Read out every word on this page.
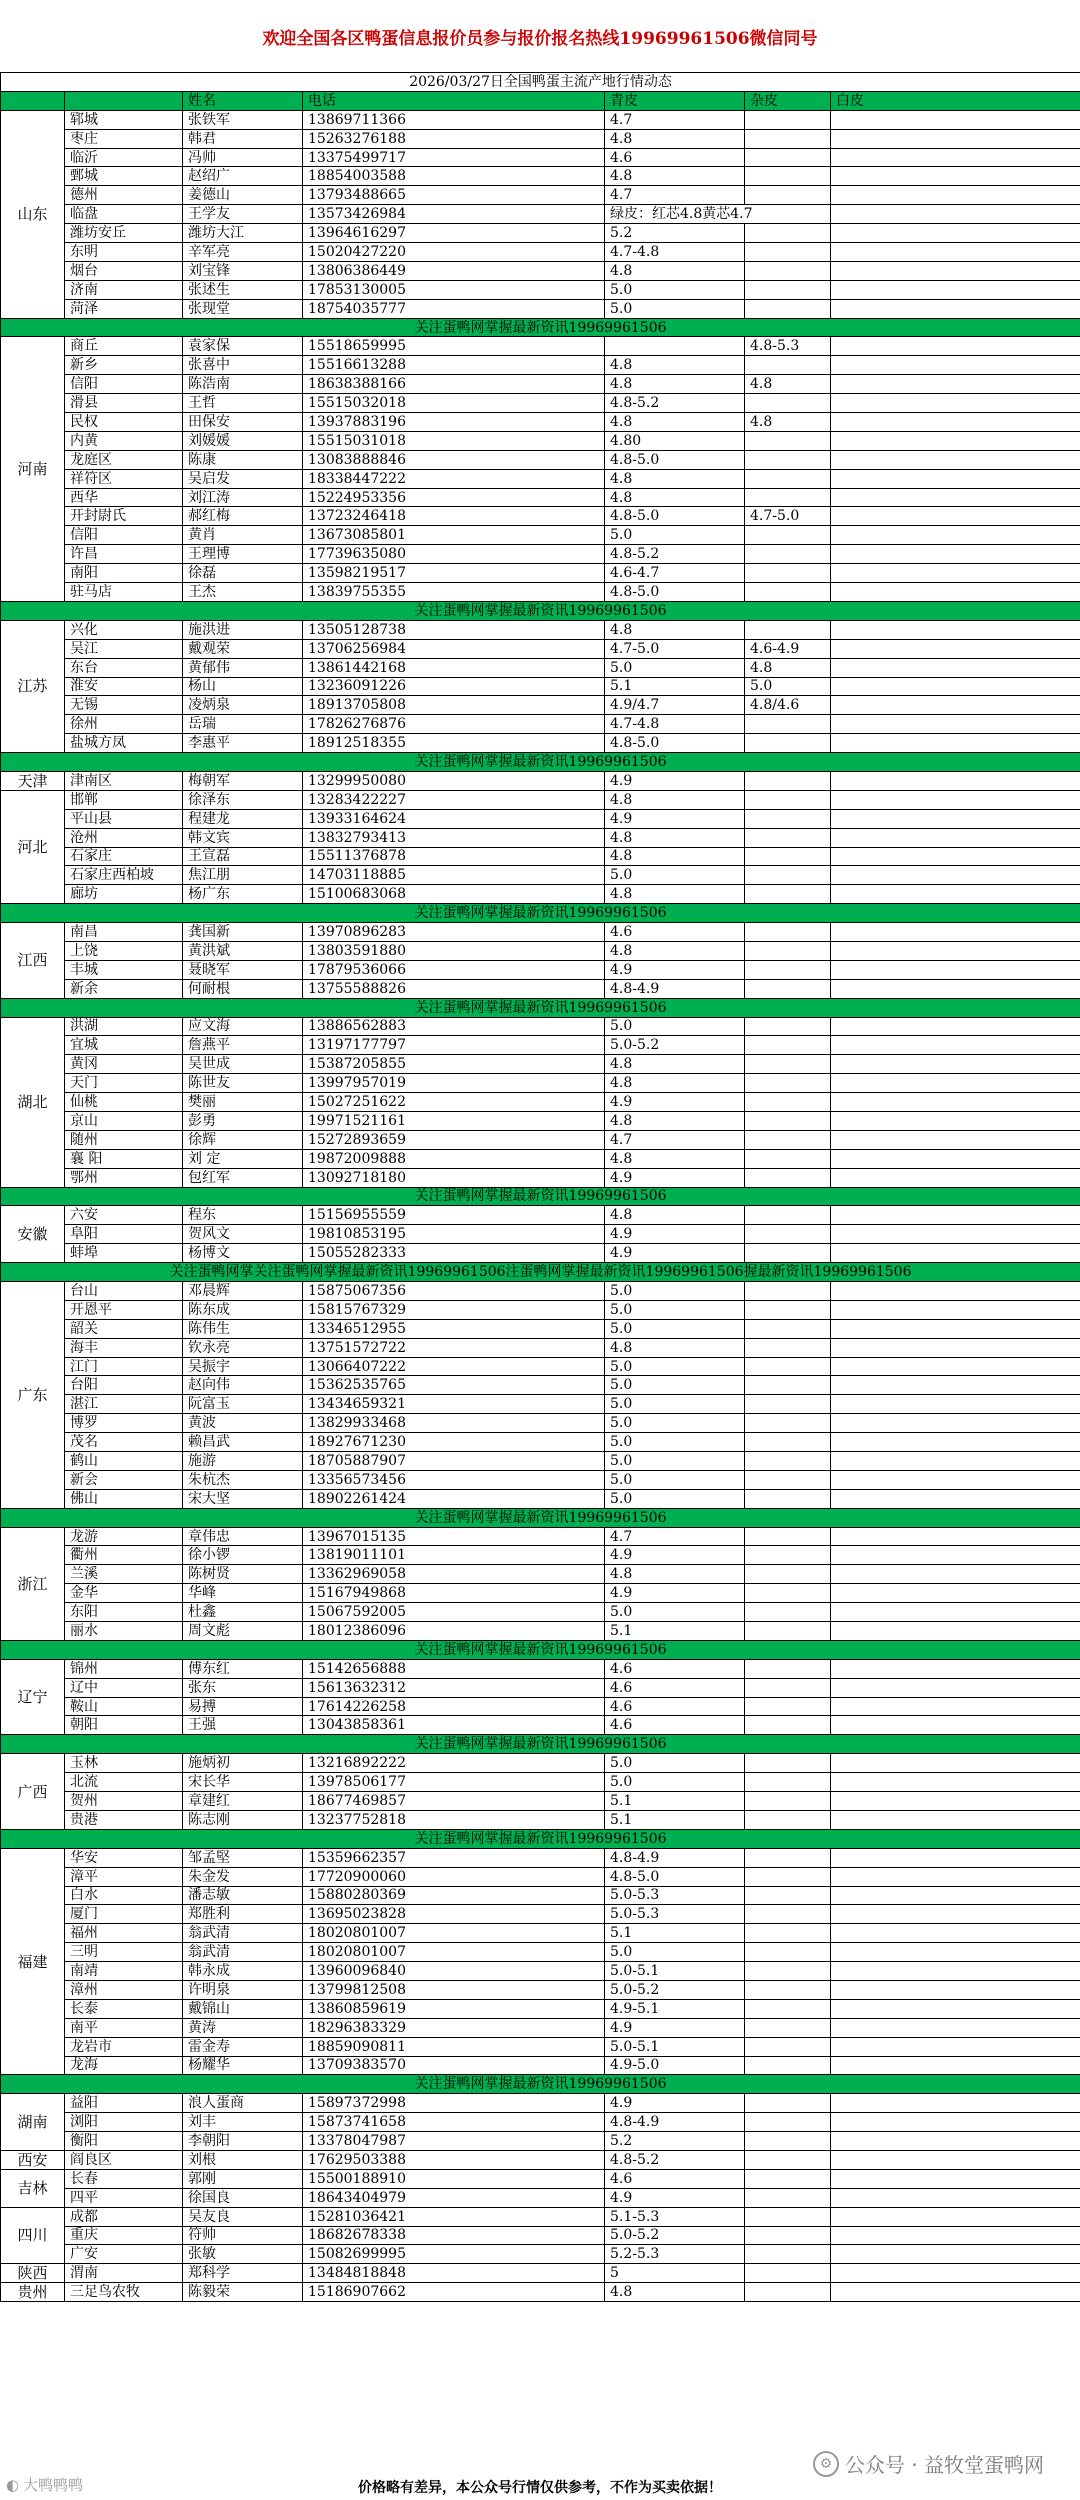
欢迎全国各区鸭蛋信息报价员参与报价报名热线19969961506微信同号
2026/03/27日全国鸭蛋主流产地行情动态							
		姓名	电话	青皮	杂皮	白皮	
山东	郓城	张铁军	13869711366	4.7			
	枣庄	韩君	15263276188	4.8			
	临沂	冯帅	13375499717	4.6			
	鄄城	赵绍广	18854003588	4.8			
	德州	姜德山	13793488665	4.7			
	临盘	王学友	13573426984	绿皮：红芯4.8黄芯4.7		
	潍坊安丘	潍坊大江	13964616297	5.2			
	东明	辛军亮	15020427220	4.7-4.8			
	烟台	刘宝锋	13806386449	4.8			
	济南	张述生	17853130005	5.0			
	菏泽	张现堂	18754035777	5.0			
关注蛋鸭网掌握最新资讯19969961506							
河南	商丘	袁家保	15518659995		4.8-5.3		
	新乡	张喜中	15516613288	4.8			
	信阳	陈浩南	18638388166	4.8	4.8		
	滑县	王哲	15515032018	4.8-5.2			
	民权	田保安	13937883196	4.8	4.8		
	内黄	刘媛媛	15515031018	4.80			
	龙庭区	陈康	13083888846	4.8-5.0			
	祥符区	吴启发	18338447222	4.8			
	西华	刘江涛	15224953356	4.8			
	开封尉氏	郝红梅	13723246418	4.8-5.0	4.7-5.0		
	信阳	黄肖	13673085801	5.0			
	许昌	王理博	17739635080	4.8-5.2			
	南阳	徐磊	13598219517	4.6-4.7			
	驻马店	王杰	13839755355	4.8-5.0			
关注蛋鸭网掌握最新资讯19969961506							
江苏	兴化	施洪进	13505128738	4.8			
	吴江	戴观荣	13706256984	4.7-5.0	4.6-4.9		
	东台	黄郁伟	13861442168	5.0	4.8		
	淮安	杨山	13236091226	5.1	5.0		
	无锡	凌炳泉	18913705808	4.9/4.7	4.8/4.6		
	徐州	岳瑞	17826276876	4.7-4.8			
	盐城方凤	李惠平	18912518355	4.8-5.0			
关注蛋鸭网掌握最新资讯19969961506							
天津	津南区	梅朝军	13299950080	4.9			
河北	邯郸	徐泽东	13283422227	4.8			
	平山县	程建龙	13933164624	4.9			
	沧州	韩文宾	13832793413	4.8			
	石家庄	王宣磊	15511376878	4.8			
	石家庄西柏坡	焦江朋	14703118885	5.0			
	廊坊	杨广东	15100683068	4.8			
关注蛋鸭网掌握最新资讯19969961506							
江西	南昌	龚国新	13970896283	4.6			
	上饶	黄洪斌	13803591880	4.8			
	丰城	聂晓军	17879536066	4.9			
	新余	何耐根	13755588826	4.8-4.9			
关注蛋鸭网掌握最新资讯19969961506							
湖北	洪湖	应文海	13886562883	5.0			
	宜城	詹燕平	13197177797	5.0-5.2			
	黄冈	吴世成	15387205855	4.8			
	天门	陈世友	13997957019	4.8			
	仙桃	樊丽	15027251622	4.9			
	京山	彭勇	19971521161	4.8			
	随州	徐辉	15272893659	4.7			
	襄 阳	刘 定	19872009888	4.8			
	鄂州	包红军	13092718180	4.9			
关注蛋鸭网掌握最新资讯19969961506							
安徽	六安	程东	15156955559	4.8			
	阜阳	贺风文	19810853195	4.9			
	蚌埠	杨博文	15055282333	4.9			
关注蛋鸭网掌关注蛋鸭网掌握最新资讯19969961506注蛋鸭网掌握最新资讯19969961506握最新资讯19969961506							
广东	台山	邓晨辉	15875067356	5.0			
	开恩平	陈东成	15815767329	5.0			
	韶关	陈伟生	13346512955	5.0			
	海丰	钦永亮	13751572722	4.8			
	江门	吴振宇	13066407222	5.0			
	台阳	赵向伟	15362535765	5.0			
	湛江	阮富玉	13434659321	5.0			
	博罗	黄波	13829933468	5.0			
	茂名	赖昌武	18927671230	5.0			
	鹤山	施游	18705887907	5.0			
	新会	朱杭杰	13356573456	5.0			
	佛山	宋大坚	18902261424	5.0			
关注蛋鸭网掌握最新资讯19969961506							
浙江	龙游	章伟忠	13967015135	4.7			
	衢州	徐小锣	13819011101	4.9			
	兰溪	陈树贤	13362969058	4.8			
	金华	华峰	15167949868	4.9			
	东阳	杜鑫	15067592005	5.0			
	丽水	周文彪	18012386096	5.1			
关注蛋鸭网掌握最新资讯19969961506							
辽宁	锦州	傅东红	15142656888	4.6			
	辽中	张东	15613632312	4.6			
	鞍山	易搏	17614226258	4.6			
	朝阳	王强	13043858361	4.6			
关注蛋鸭网掌握最新资讯19969961506							
广西	玉林	施炳初	13216892222	5.0			
	北流	宋长华	13978506177	5.0			
	贺州	章建红	18677469857	5.1			
	贵港	陈志刚	13237752818	5.1			
关注蛋鸭网掌握最新资讯19969961506							
福建	华安	邹孟堅	15359662357	4.8-4.9			
	漳平	朱金发	17720900060	4.8-5.0			
	白水	潘志敏	15880280369	5.0-5.3			
	厦门	郑胜利	13695023828	5.0-5.3			
	福州	翁武清	18020801007	5.1			
	三明	翁武清	18020801007	5.0			
	南靖	韩永成	13960096840	5.0-5.1			
	漳州	许明泉	13799812508	5.0-5.2			
	长泰	戴锦山	13860859619	4.9-5.1			
	南平	黄涛	18296383329	4.9			
	龙岩市	雷金寿	18859090811	5.0-5.1			
	龙海	杨耀华	13709383570	4.9-5.0			
关注蛋鸭网掌握最新资讯19969961506							
湖南	益阳	浪人蛋商	15897372998	4.9			
	浏阳	刘丰	15873741658	4.8-4.9			
	衡阳	李朝阳	13378047987	5.2			
西安	阎良区	刘根	17629503388	4.8-5.2			
吉林	长春	郭刚	15500188910	4.6			
	四平	徐国良	18643404979	4.9			
四川	成都	吴友良	15281036421	5.1-5.3			
	重庆	符帅	18682678338	5.0-5.2			
	广安	张敏	15082699995	5.2-5.3			
陕西	渭南	郑科学	13484818848	5			
贵州	三足鸟农牧	陈毅荣	15186907662	4.8			
⚙ 公众号 · 益牧堂蛋鸭网
◐ 大鸭鸭鸭	价格略有差异，本公众号行情仅供参考，不作为买卖依据！
